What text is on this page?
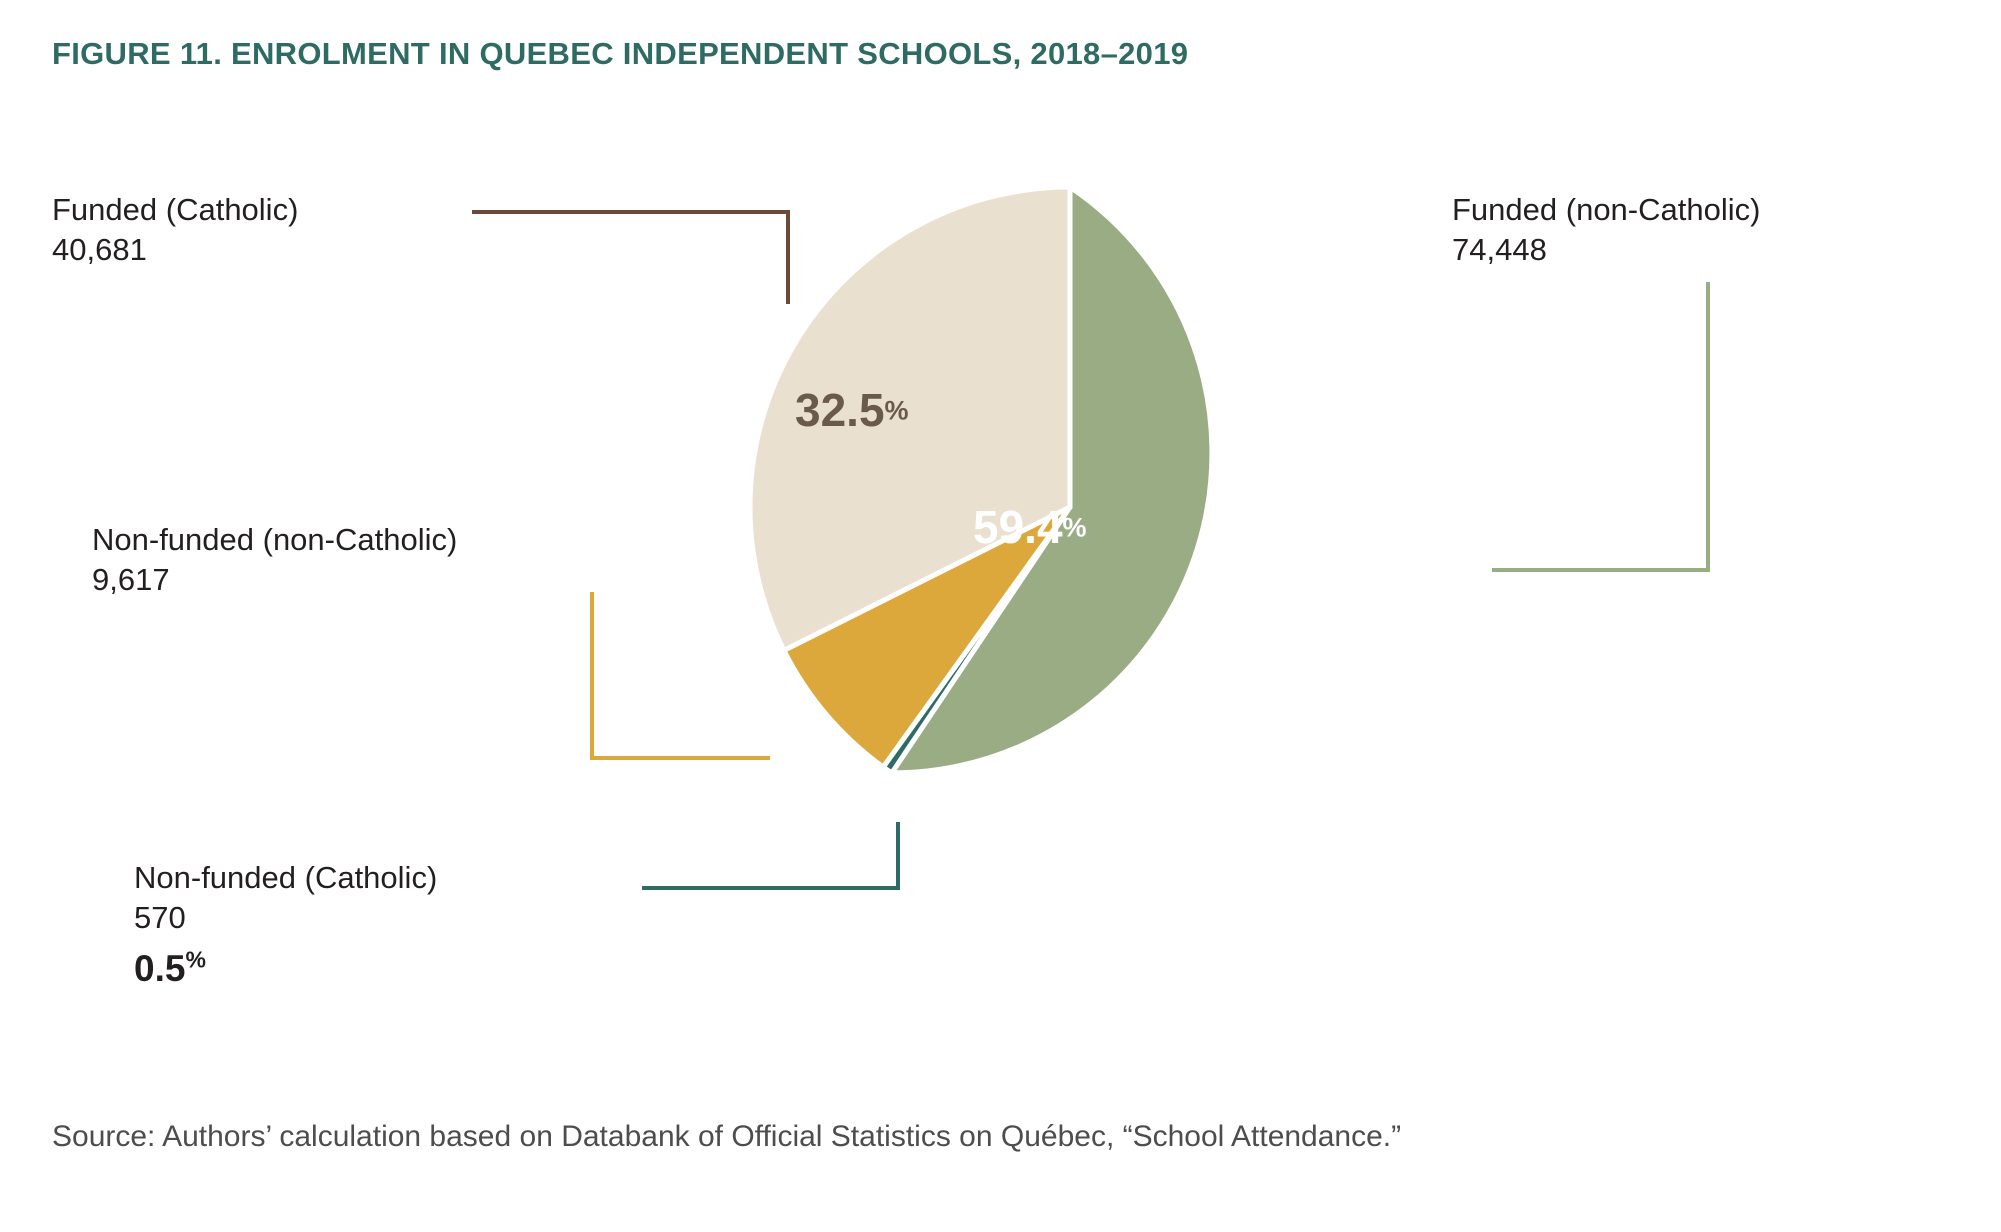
FIGURE 11. ENROLMENT IN QUEBEC INDEPENDENT SCHOOLS, 2018–2019
59.4%
32.5%
7.7%
Funded (Catholic)
40,681
Funded (non-Catholic)
74,448
Non-funded (non-Catholic)
9,617
Non-funded (Catholic)
570
0.5%
Source: Authors’ calculation based on Databank of Official Statistics on Québec, “School Attendance.”
